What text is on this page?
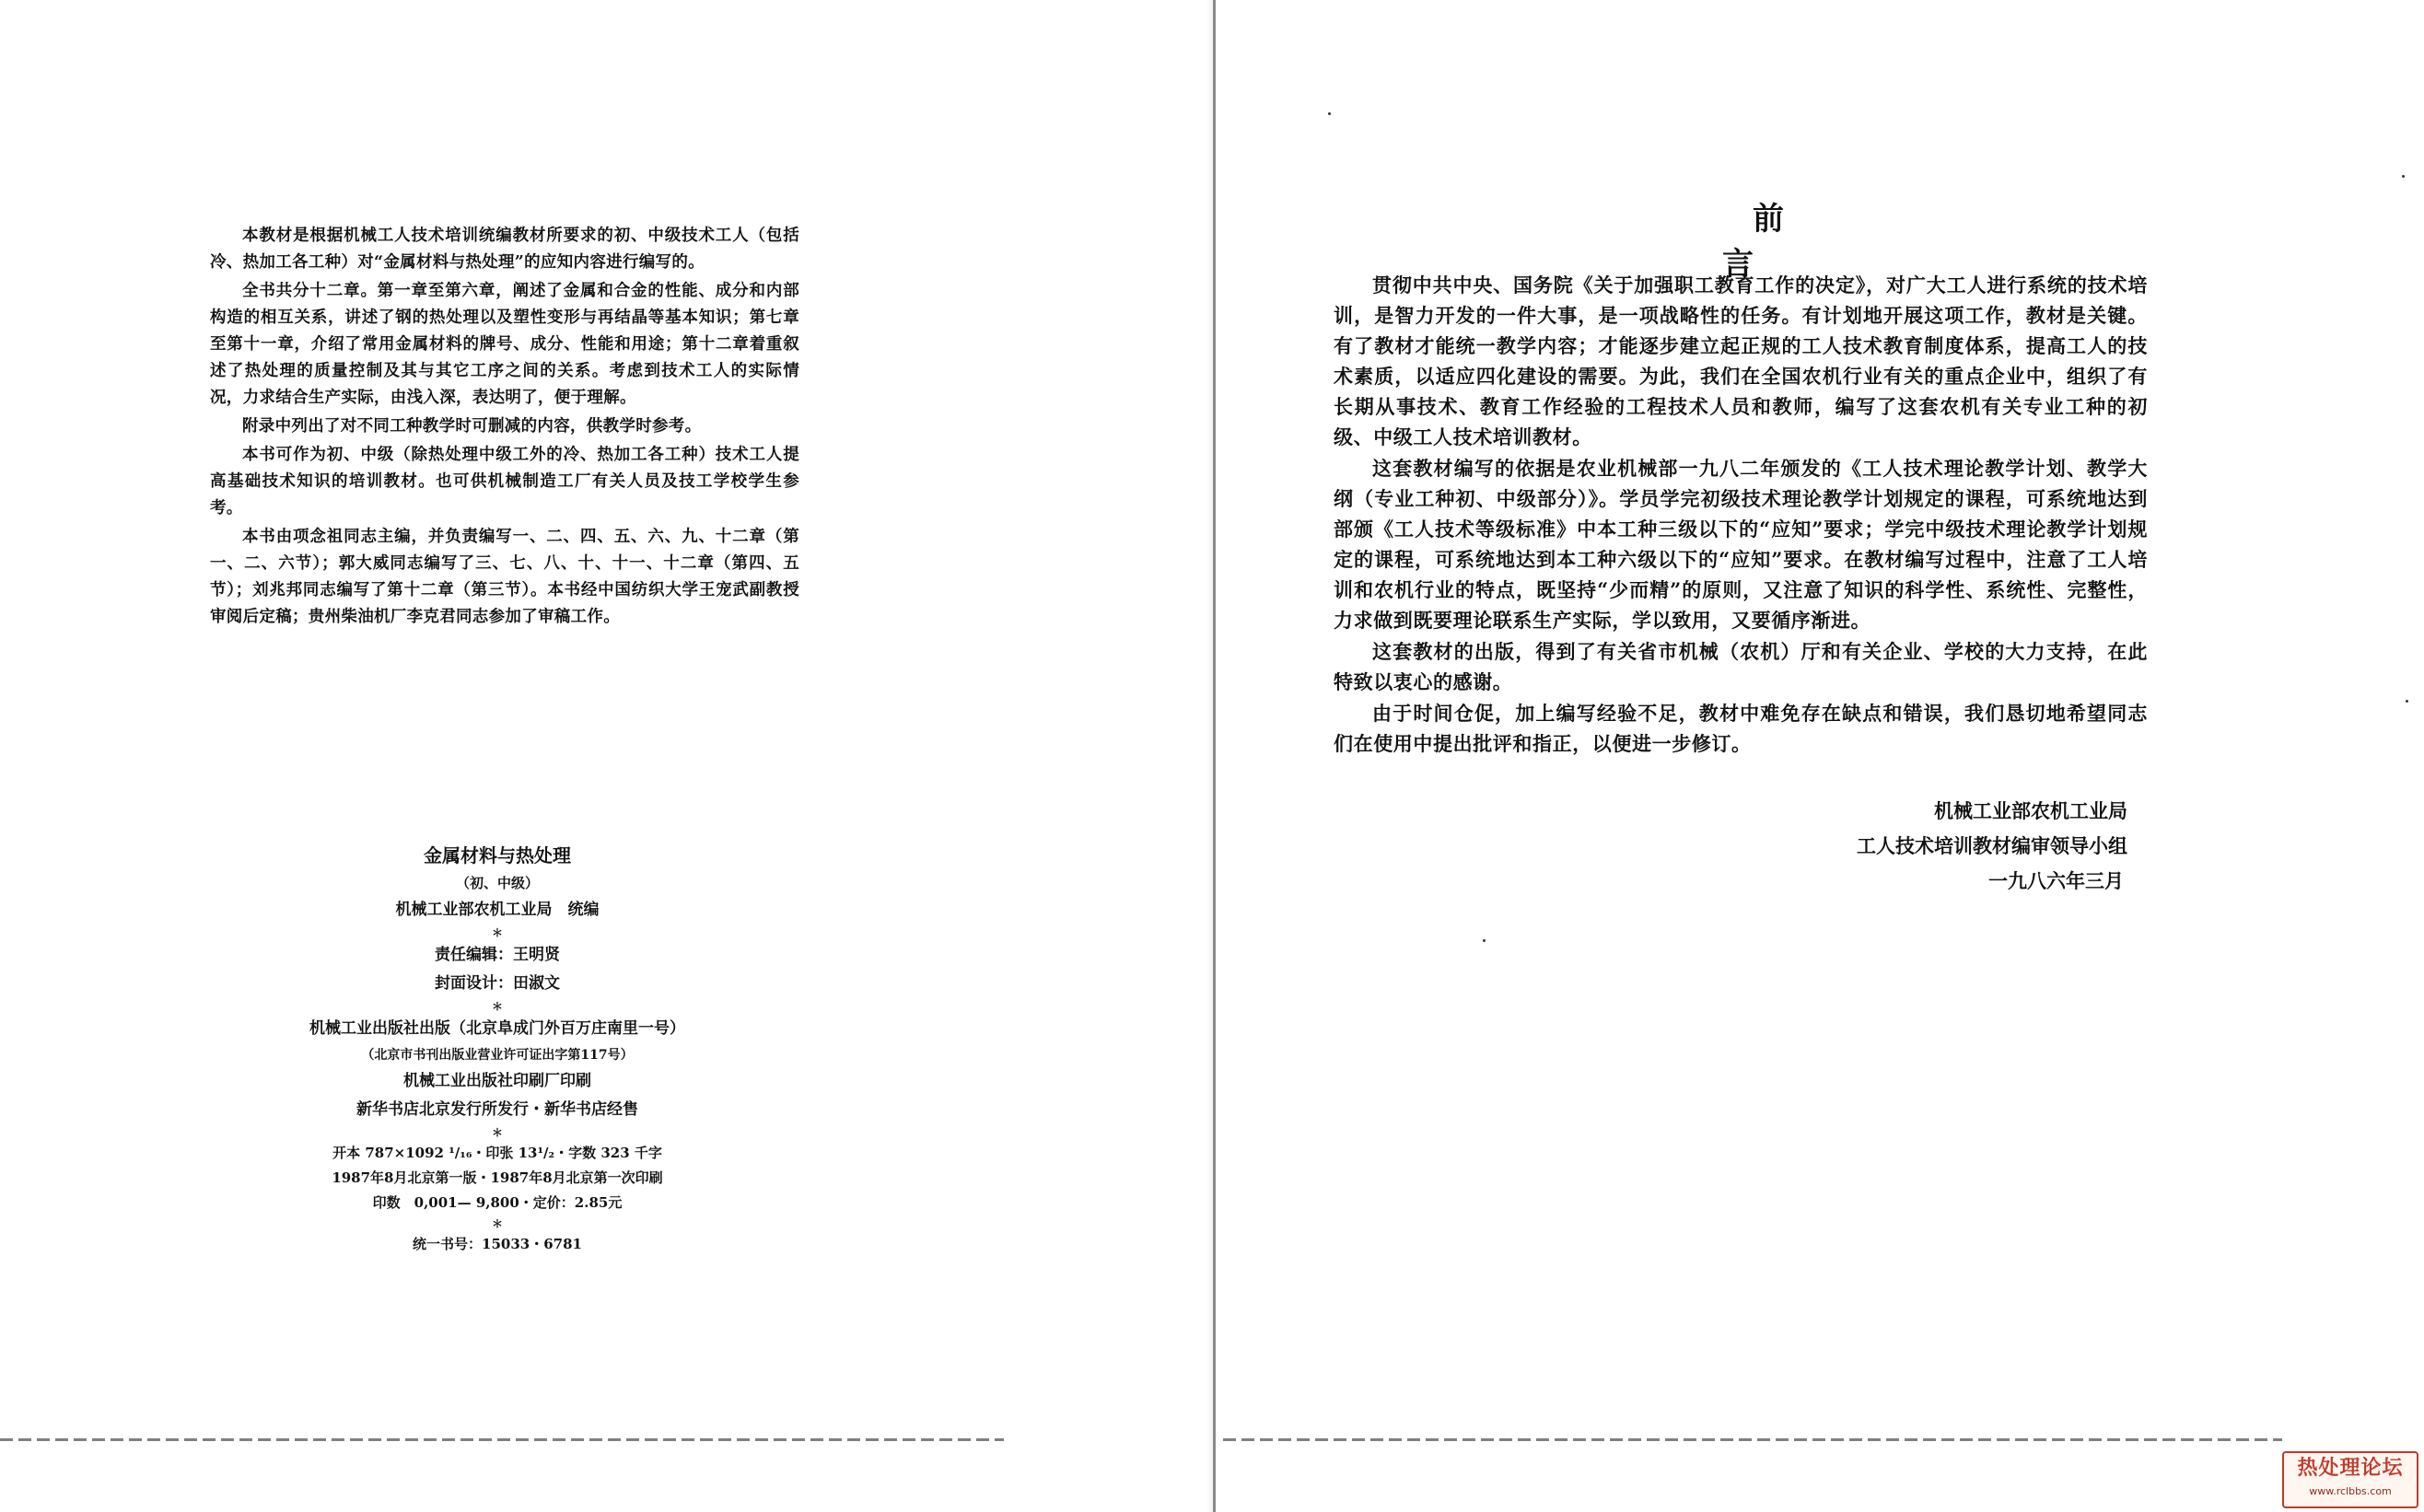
本教材是根据机械工人技术培训统编教材所要求的初、中级技术工人（包括冷、热加工各工种）对“金属材料与热处理”的应知内容进行编写的。

全书共分十二章。第一章至第六章，阐述了金属和合金的性能、成分和内部构造的相互关系，讲述了钢的热处理以及塑性变形与再结晶等基本知识；第七章至第十一章，介绍了常用金属材料的牌号、成分、性能和用途；第十二章着重叙述了热处理的质量控制及其与其它工序之间的关系。考虑到技术工人的实际情况，力求结合生产实际，由浅入深，表达明了，便于理解。

附录中列出了对不同工种教学时可删减的内容，供教学时参考。

本书可作为初、中级（除热处理中级工外的冷、热加工各工种）技术工人提高基础技术知识的培训教材。也可供机械制造工厂有关人员及技工学校学生参考。

本书由项念祖同志主编，并负责编写一、二、四、五、六、九、十二章（第一、二、六节）；郭大威同志编写了三、七、八、十、十一、十二章（第四、五节）；刘兆邦同志编写了第十二章（第三节）。本书经中国纺织大学王宠武副教授审阅后定稿；贵州柴油机厂李克君同志参加了审稿工作。

金属材料与热处理
（初、中级）
机械工业部农机工业局　统编
＊
责任编辑：王明贤
封面设计：田淑文
＊
机械工业出版社出版（北京阜成门外百万庄南里一号）
（北京市书刊出版业营业许可证出字第117号）
机械工业出版社印刷厂印刷
新华书店北京发行所发行・新华书店经售
＊
开本 787×1092 ¹/₁₆・印张 13¹/₂・字数 323 千字
1987年8月北京第一版・1987年8月北京第一次印刷
印数　0,001— 9,800・定价：2.85元
＊
统一书号：15033・6781
前言

贯彻中共中央、国务院《关于加强职工教育工作的决定》，对广大工人进行系统的技术培训，是智力开发的一件大事，是一项战略性的任务。有计划地开展这项工作，教材是关键。有了教材才能统一教学内容；才能逐步建立起正规的工人技术教育制度体系，提高工人的技术素质，以适应四化建设的需要。为此，我们在全国农机行业有关的重点企业中，组织了有长期从事技术、教育工作经验的工程技术人员和教师，编写了这套农机有关专业工种的初级、中级工人技术培训教材。

这套教材编写的依据是农业机械部一九八二年颁发的《工人技术理论教学计划、教学大纲（专业工种初、中级部分）》。学员学完初级技术理论教学计划规定的课程，可系统地达到部颁《工人技术等级标准》中本工种三级以下的“应知”要求；学完中级技术理论教学计划规定的课程，可系统地达到本工种六级以下的“应知”要求。在教材编写过程中，注意了工人培训和农机行业的特点，既坚持“少而精”的原则，又注意了知识的科学性、系统性、完整性，力求做到既要理论联系生产实际，学以致用，又要循序渐进。

这套教材的出版，得到了有关省市机械（农机）厅和有关企业、学校的大力支持，在此特致以衷心的感谢。

由于时间仓促，加上编写经验不足，教材中难免存在缺点和错误，我们恳切地希望同志们在使用中提出批评和指正，以便进一步修订。

机械工业部农机工业局
工人技术培训教材编审领导小组
一九八六年三月
热处理论坛
www.rclbbs.com
